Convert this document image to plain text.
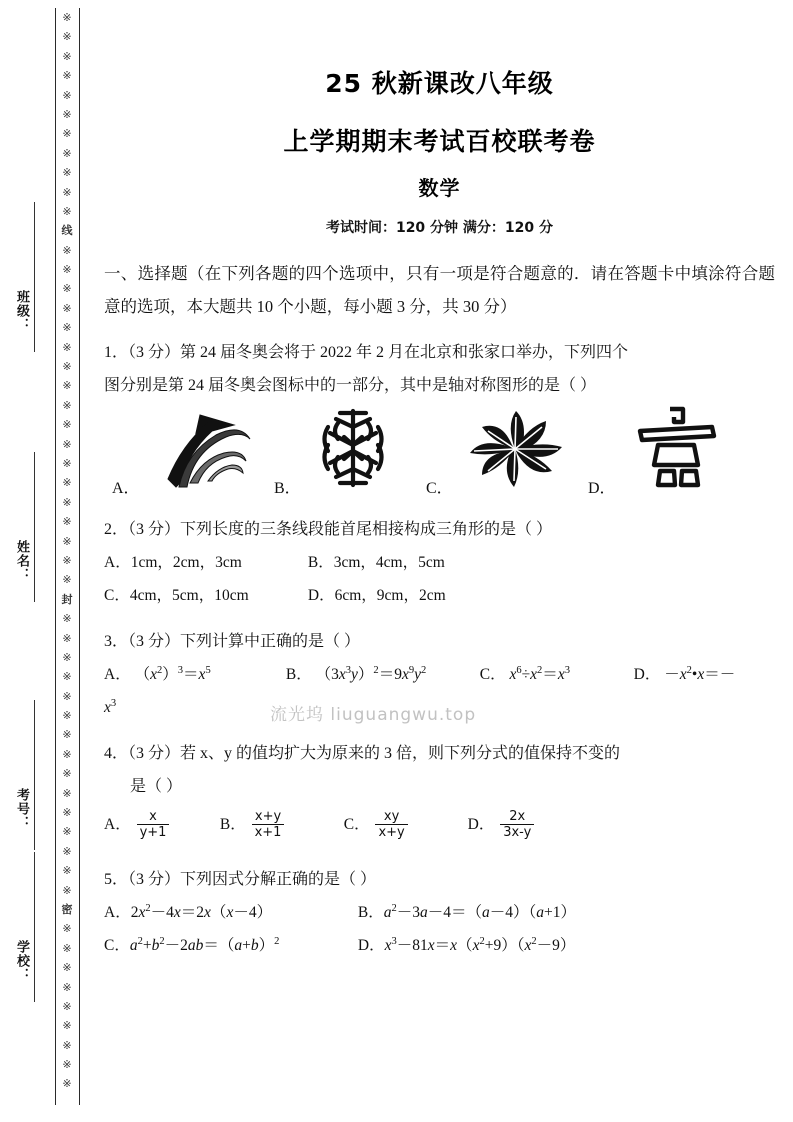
※
※
※
※
※
※
※
※
※
※
※
线
※
※
※
※
※
※
※
※
※
※
※
※
※
※
※
※
※
※
封
※
※
※
※
※
※
※
※
※
※
※
※
※
※
※
密
※
※
※
※
※
※
※
※
※
班级：
姓名：
考号：
学校：
25 秋新课改八年级
上学期期末考试百校联考卷
数学
考试时间：120 分钟 满分：120 分
一、选择题（在下列各题的四个选项中，只有一项是符合题意的．请在答题卡中填涂符合题意的选项，本大题共 10 个小题，每小题 3 分，共 30 分）
1．（3 分）第 24 届冬奥会将于 2022 年 2 月在北京和张家口举办，下列四个
图分别是第 24 届冬奥会图标中的一部分，其中是轴对称图形的是（ ）
A．	B．	C．	D．
2．（3 分）下列长度的三条线段能首尾相接构成三角形的是（ ）
A．1cm，2cm，3cm	B．3cm，4cm，5cm
C．4cm，5cm，10cm	D．6cm，9cm，2cm
3．（3 分）下列计算中正确的是（ ）
A． $(x^2)^3=x^5$	B． $(3x^3y)^2=9x^9y^2$	C． $x^6\div x^2=x^3$	D． $-x^2•x=-$
$x^3$
4．（3 分）若 x、y 的值均扩大为原来的 3 倍，则下列分式的值保持不变的
是（ ）
A． $\frac{x}{y+1}$	B． $\frac{x+y}{x+1}$	C． $\frac{xy}{x+y}$	D． $\frac{2x}{3x-y}$
5．（3 分）下列因式分解正确的是（ ）
A．$2x^2-4x=2x(x-4)$	B．$a^2-3a-4=(a-4)(a+1)$
C．$a^2+b^2-2ab=(a+b)^2$	D．$x^3-81x=x(x^2+9)(x^2-9)$
流光坞 liuguangwu.top
